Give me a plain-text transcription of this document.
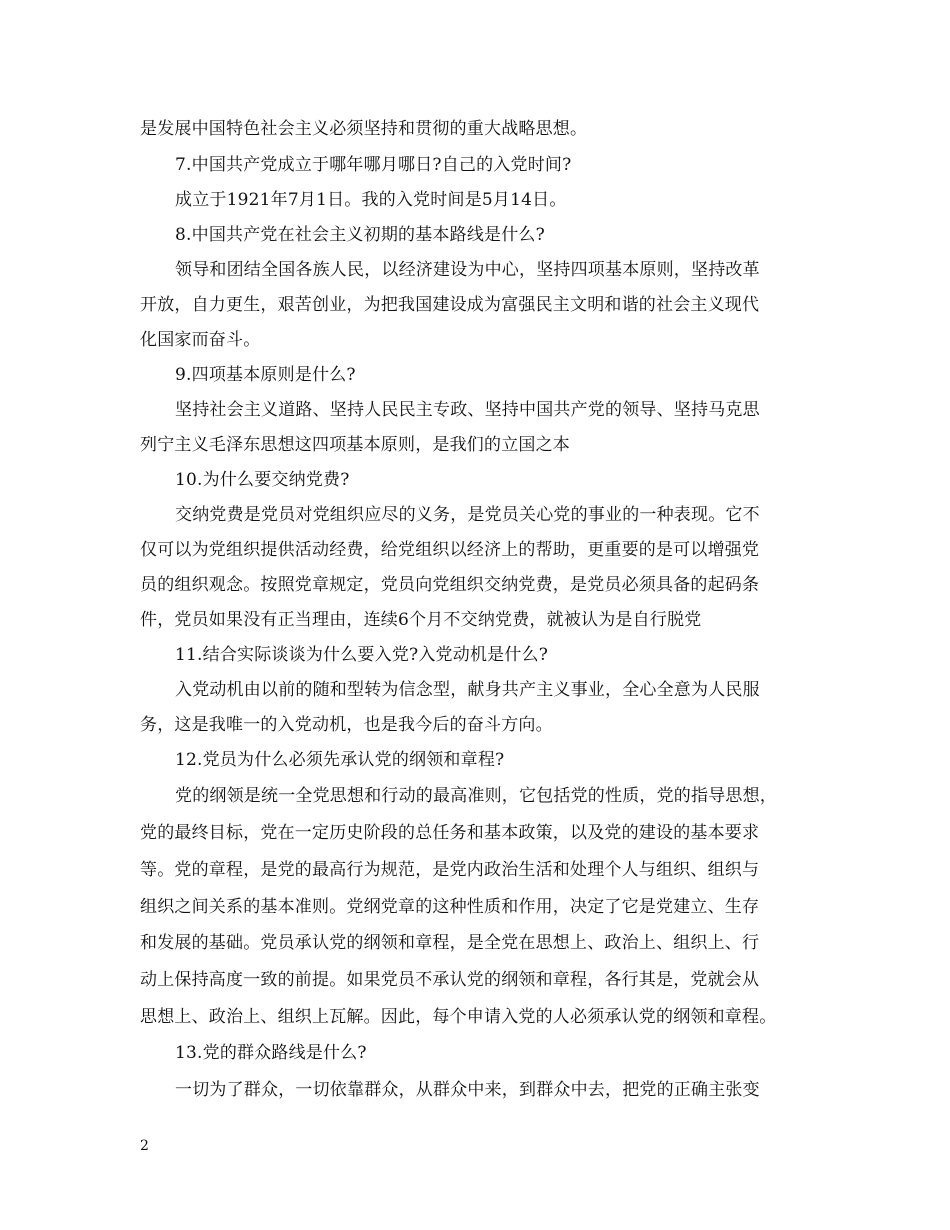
是发展中国特色社会主义必须坚持和贯彻的重大战略思想。
7.中国共产党成立于哪年哪月哪日?自己的入党时间?
成立于1921年7月1日。我的入党时间是5月14日。
8.中国共产党在社会主义初期的基本路线是什么?
领导和团结全国各族人民，以经济建设为中心，坚持四项基本原则，坚持改革
开放，自力更生，艰苦创业，为把我国建设成为富强民主文明和谐的社会主义现代
化国家而奋斗。
9.四项基本原则是什么?
坚持社会主义道路、坚持人民民主专政、坚持中国共产党的领导、坚持马克思
列宁主义毛泽东思想这四项基本原则，是我们的立国之本
10.为什么要交纳党费?
交纳党费是党员对党组织应尽的义务，是党员关心党的事业的一种表现。它不
仅可以为党组织提供活动经费，给党组织以经济上的帮助，更重要的是可以增强党
员的组织观念。按照党章规定，党员向党组织交纳党费，是党员必须具备的起码条
件，党员如果没有正当理由，连续6个月不交纳党费，就被认为是自行脱党
11.结合实际谈谈为什么要入党?入党动机是什么?
入党动机由以前的随和型转为信念型，献身共产主义事业，全心全意为人民服
务，这是我唯一的入党动机，也是我今后的奋斗方向。
12.党员为什么必须先承认党的纲领和章程?
党的纲领是统一全党思想和行动的最高准则，它包括党的性质，党的指导思想，
党的最终目标，党在一定历史阶段的总任务和基本政策，以及党的建设的基本要求
等。党的章程，是党的最高行为规范，是党内政治生活和处理个人与组织、组织与
组织之间关系的基本准则。党纲党章的这种性质和作用，决定了它是党建立、生存
和发展的基础。党员承认党的纲领和章程，是全党在思想上、政治上、组织上、行
动上保持高度一致的前提。如果党员不承认党的纲领和章程，各行其是，党就会从
思想上、政治上、组织上瓦解。因此，每个申请入党的人必须承认党的纲领和章程。
13.党的群众路线是什么?
一切为了群众，一切依靠群众，从群众中来，到群众中去，把党的正确主张变
2
